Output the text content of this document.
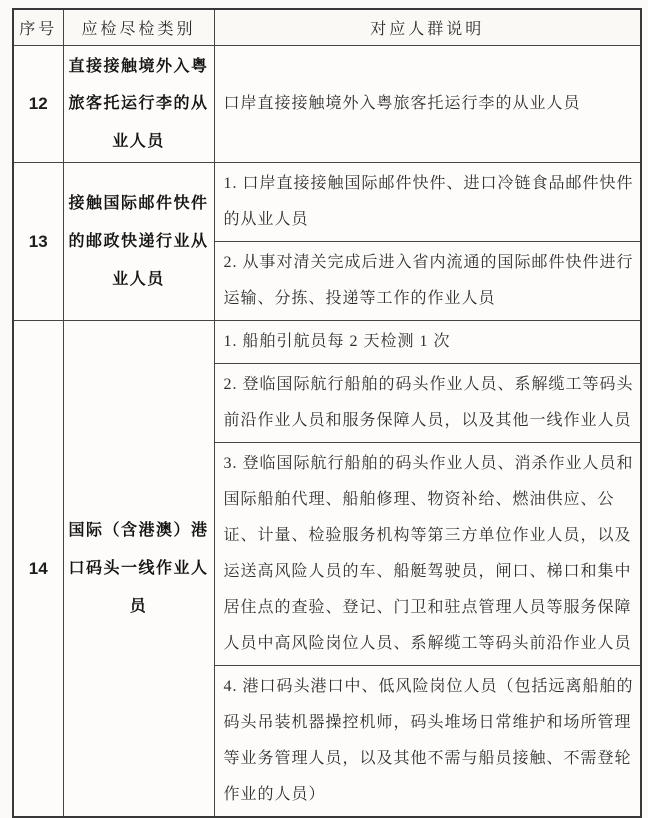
序号	应检尽检类别	对应人群说明
12	直接接触境外入粤旅客托运行李的从业人员	口岸直接接触境外入粤旅客托运行李的从业人员
13	接触国际邮件快件的邮政快递行业从业人员	1. 口岸直接接触国际邮件快件、进口冷链食品邮件快件的从业人员
		2. 从事对清关完成后进入省内流通的国际邮件快件进行运输、分拣、投递等工作的作业人员
14	国际（含港澳）港口码头一线作业人员	1. 船舶引航员每 2 天检测 1 次
		2. 登临国际航行船舶的码头作业人员、系解缆工等码头前沿作业人员和服务保障人员，以及其他一线作业人员
		3. 登临国际航行船舶的码头作业人员、消杀作业人员和国际船舶代理、船舶修理、物资补给、燃油供应、公证、计量、检验服务机构等第三方单位作业人员，以及运送高风险人员的车、船艇驾驶员，闸口、梯口和集中居住点的查验、登记、门卫和驻点管理人员等服务保障人员中高风险岗位人员、系解缆工等码头前沿作业人员
		4. 港口码头港口中、低风险岗位人员（包括远离船舶的码头吊装机器操控机师，码头堆场日常维护和场所管理等业务管理人员，以及其他不需与船员接触、不需登轮作业的人员）
